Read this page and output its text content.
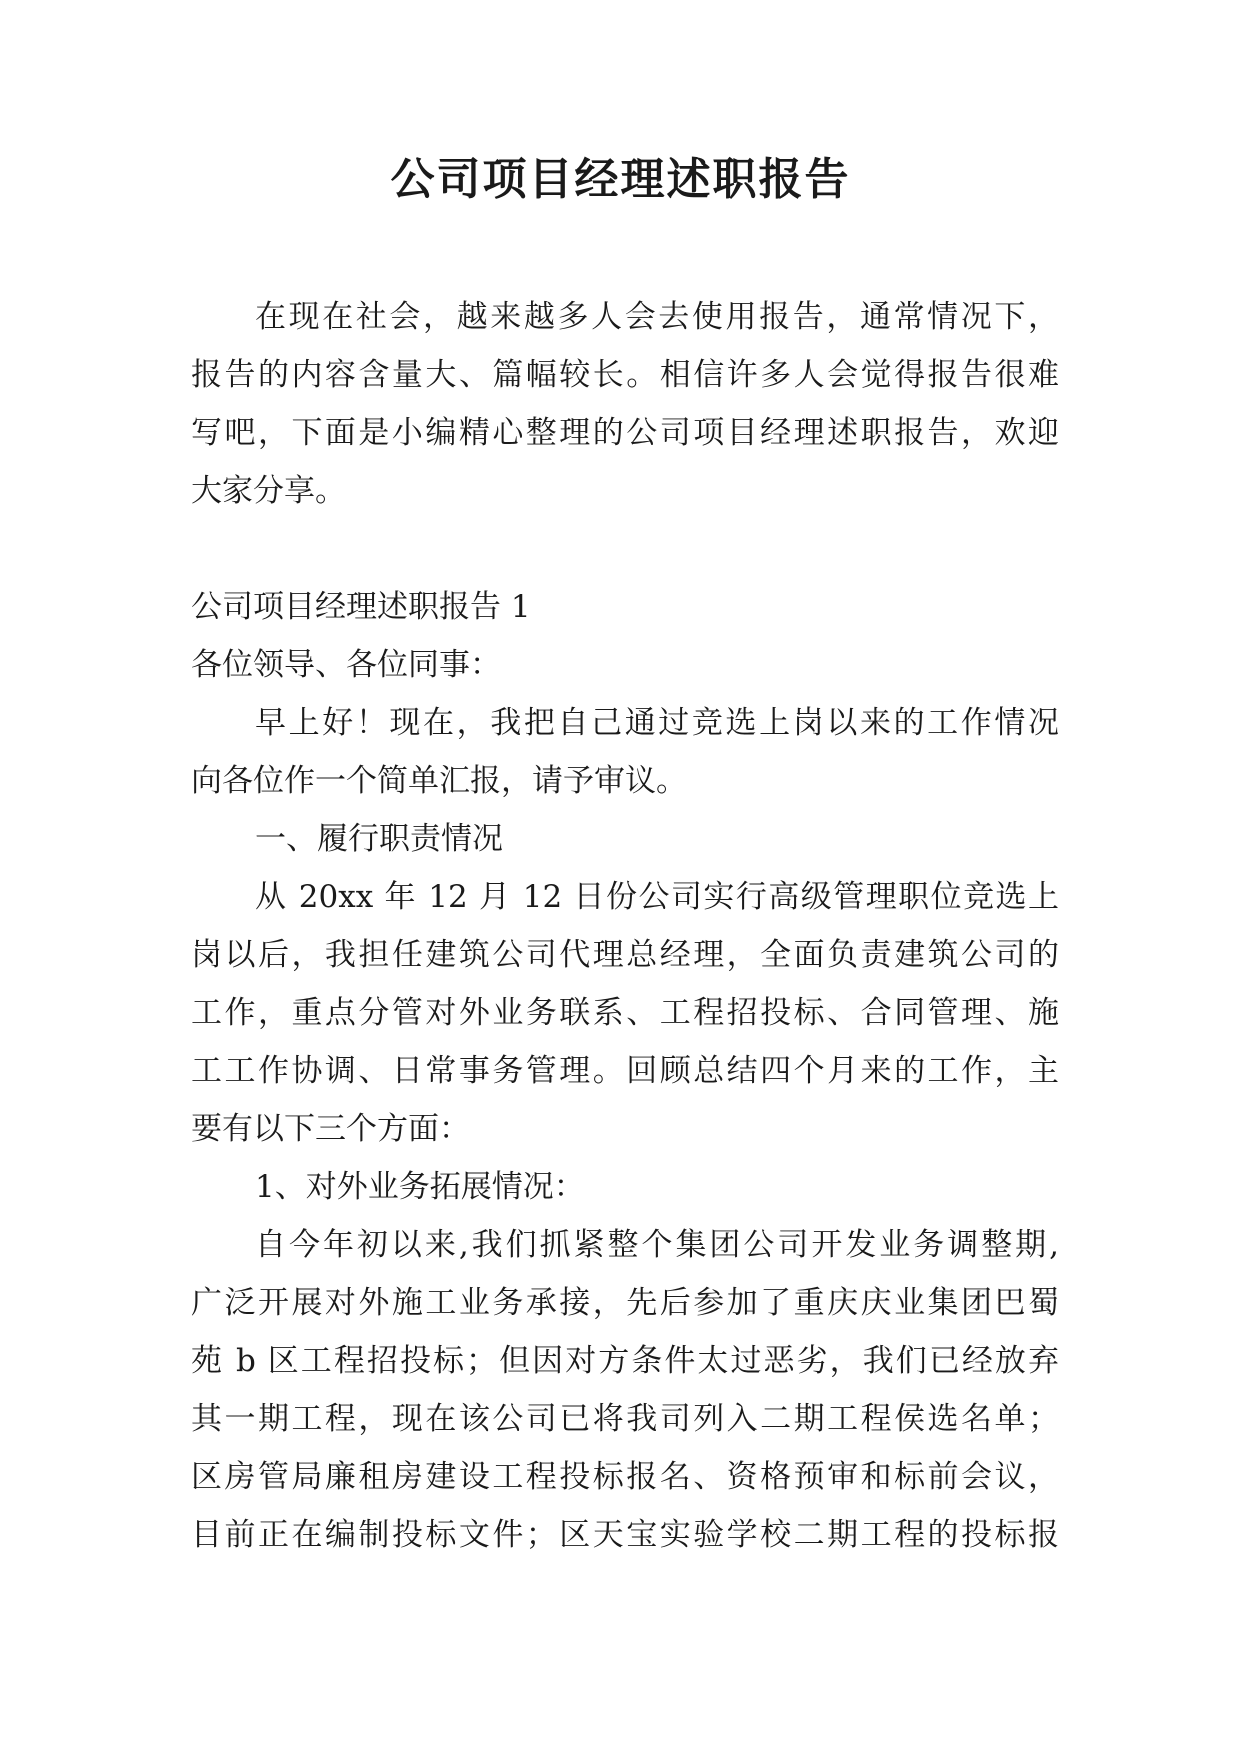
公司项目经理述职报告
在现在社会，越来越多人会去使用报告，通常情况下，
报告的内容含量大、篇幅较长。相信许多人会觉得报告很难
写吧，下面是小编精心整理的公司项目经理述职报告，欢迎
大家分享。
公司项目经理述职报告 1
各位领导、各位同事：
早上好！现在，我把自己通过竞选上岗以来的工作情况
向各位作一个简单汇报，请予审议。
一、履行职责情况
从 20xx 年 12 月 12 日份公司实行高级管理职位竞选上
岗以后，我担任建筑公司代理总经理，全面负责建筑公司的
工作，重点分管对外业务联系、工程招投标、合同管理、施
工工作协调、日常事务管理。回顾总结四个月来的工作，主
要有以下三个方面：
1、对外业务拓展情况：
自今年初以来,我们抓紧整个集团公司开发业务调整期,
广泛开展对外施工业务承接，先后参加了重庆庆业集团巴蜀
苑 b 区工程招投标；但因对方条件太过恶劣，我们已经放弃
其一期工程，现在该公司已将我司列入二期工程侯选名单；
区房管局廉租房建设工程投标报名、资格预审和标前会议，
目前正在编制投标文件；区天宝实验学校二期工程的投标报
